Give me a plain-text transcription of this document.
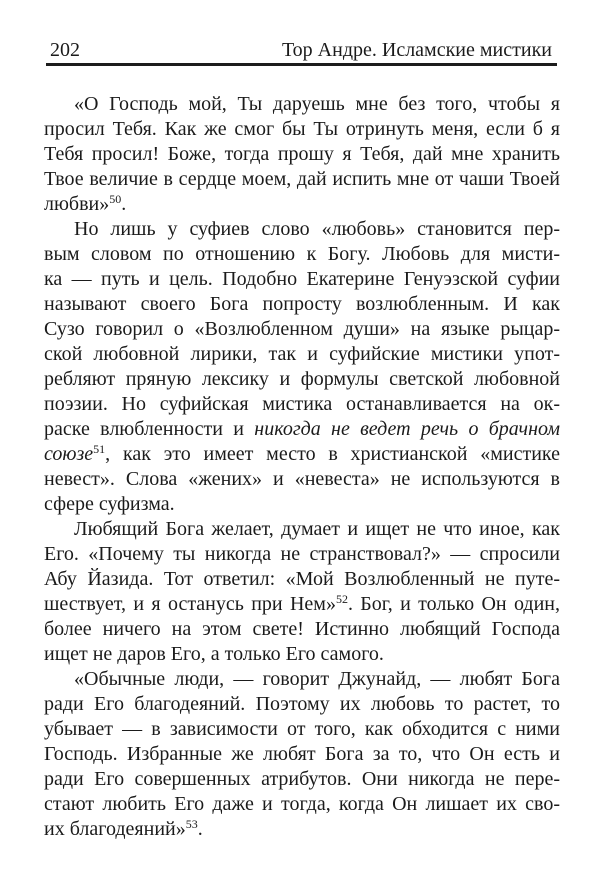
202	Тор Андре. Исламские мистики
«О Господь мой, Ты даруешь мне без того, чтобы я
просил Тебя. Как же смог бы Ты отринуть меня, если б я
Тебя просил! Боже, тогда прошу я Тебя, дай мне хранить
Твое величие в сердце моем, дай испить мне от чаши Твоей
любви»$^{50}$.
Но лишь у суфиев слово «любовь» становится пер-
вым словом по отношению к Богу. Любовь для мисти-
ка — путь и цель. Подобно Екатерине Генуэзской суфии
называют своего Бога попросту возлюбленным. И как
Сузо говорил о «Возлюбленном души» на языке рыцар-
ской любовной лирики, так и суфийские мистики упот-
ребляют пряную лексику и формулы светской любовной
поэзии. Но суфийская мистика останавливается на ок-
раске влюбленности и никогда не ведет речь о брачном
союзе$^{51}$, как это имеет место в христианской «мистике
невест». Слова «жених» и «невеста» не используются в
сфере суфизма.
Любящий Бога желает, думает и ищет не что иное, как
Его. «Почему ты никогда не странствовал?» — спросили
Абу Йазида. Тот ответил: «Мой Возлюбленный не путе-
шествует, и я останусь при Нем»$^{52}$. Бог, и только Он один,
более ничего на этом свете! Истинно любящий Господа
ищет не даров Его, а только Его самого.
«Обычные люди, — говорит Джунайд, — любят Бога
ради Его благодеяний. Поэтому их любовь то растет, то
убывает — в зависимости от того, как обходится с ними
Господь. Избранные же любят Бога за то, что Он есть и
ради Его совершенных атрибутов. Они никогда не пере-
стают любить Его даже и тогда, когда Он лишает их сво-
их благодеяний»$^{53}$.
